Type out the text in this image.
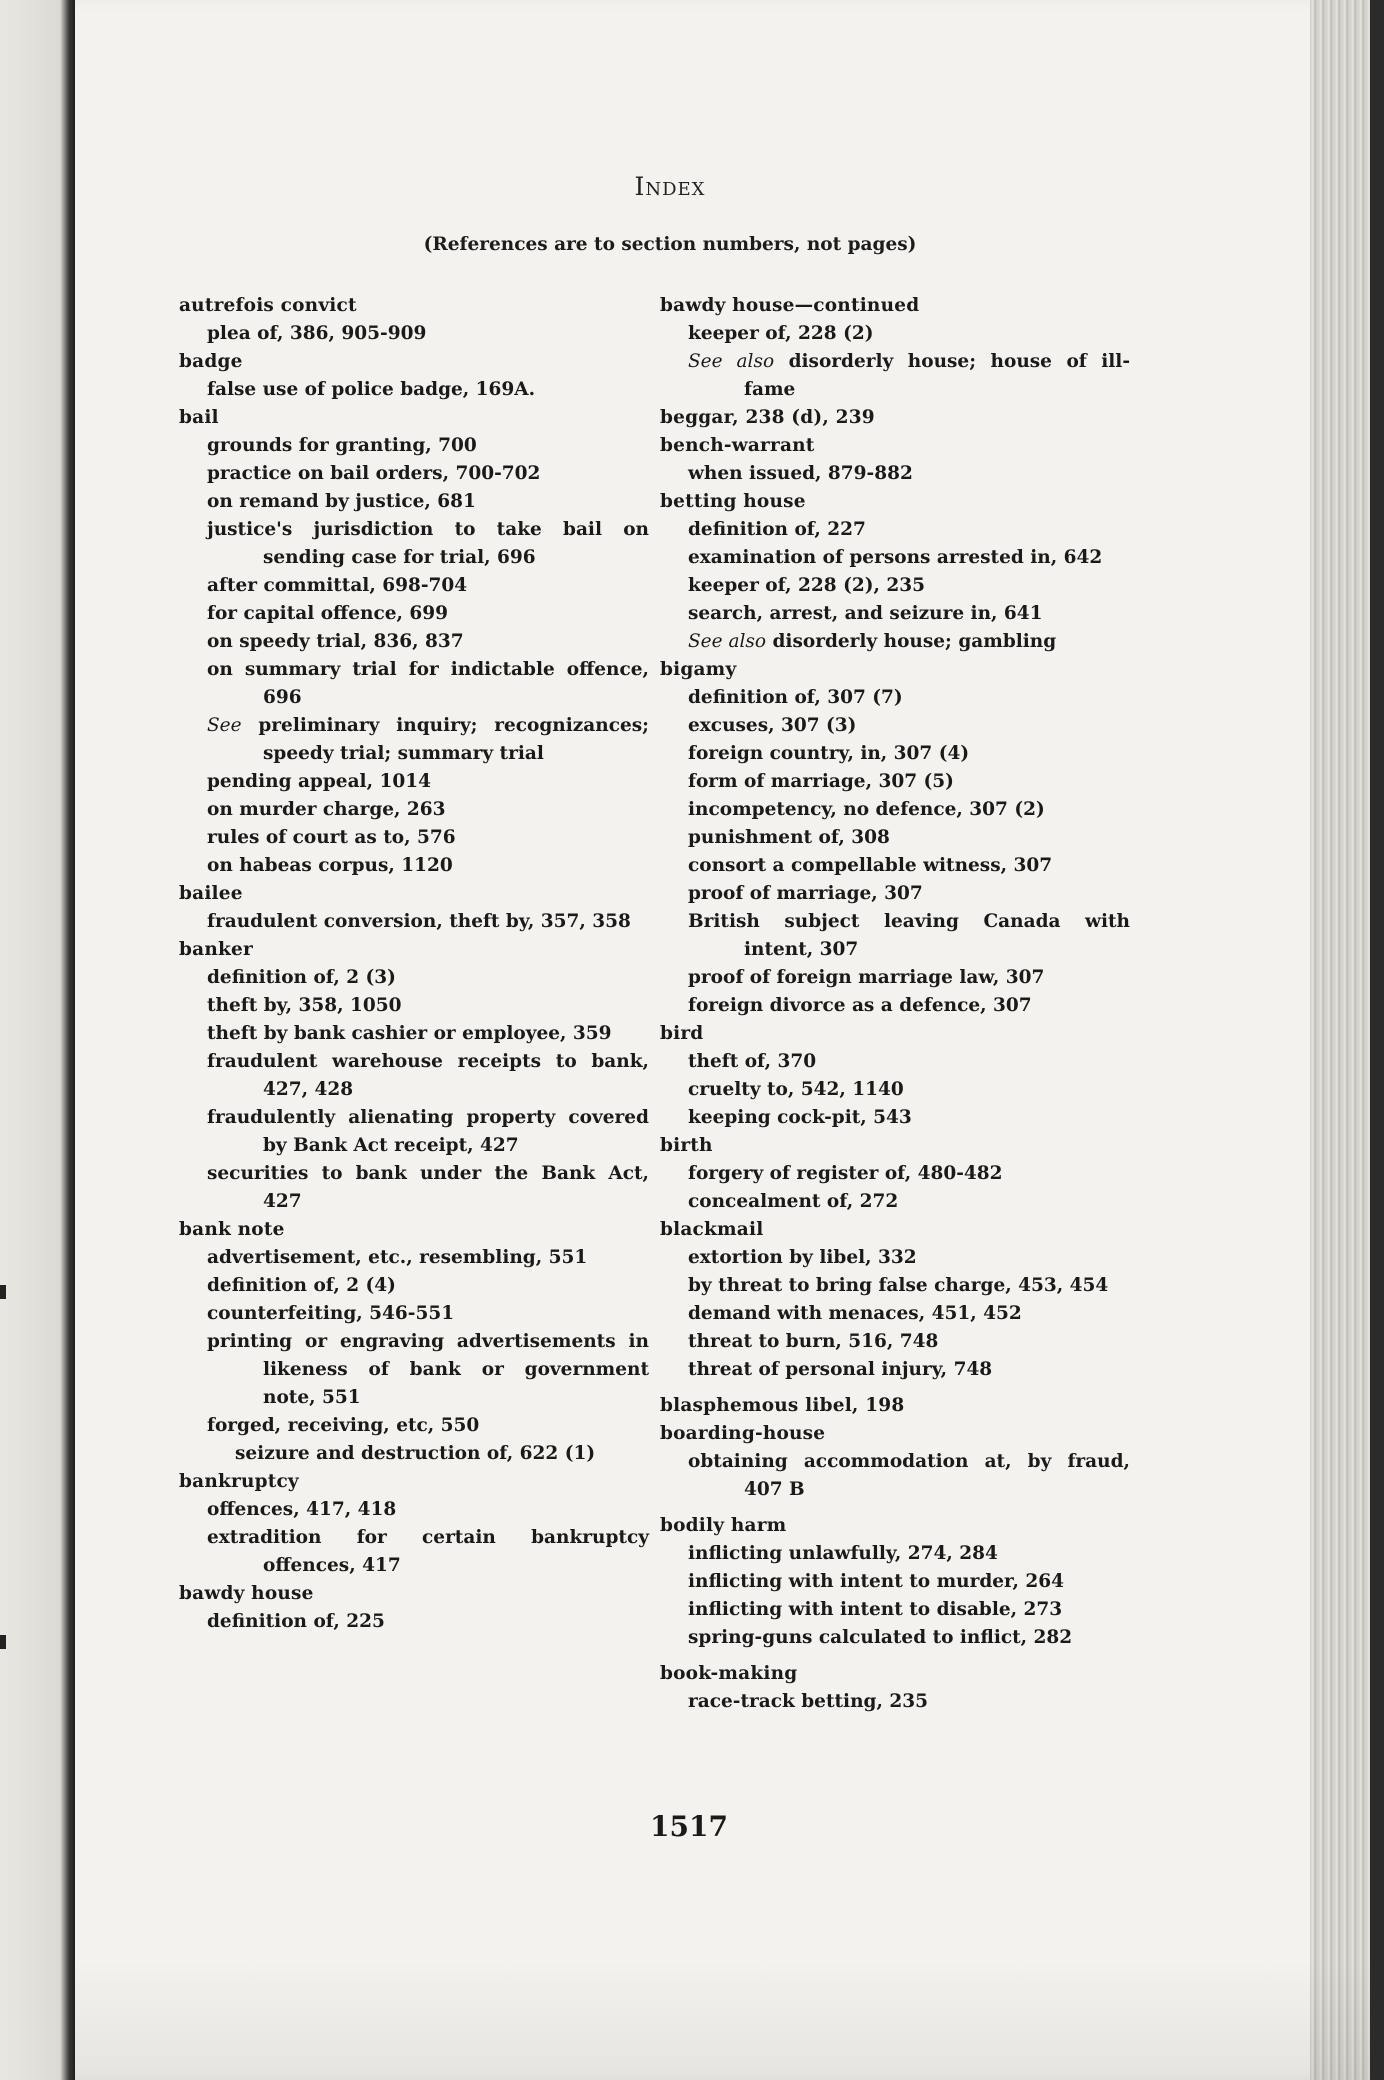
Index
(References are to section numbers, not pages)
autrefois convict
plea of, 386, 905-909
badge
false use of police badge, 169A.
bail
grounds for granting, 700
practice on bail orders, 700-702
on remand by justice, 681
justice's jurisdiction to take bail on sending case for trial, 696
after committal, 698-704
for capital offence, 699
on speedy trial, 836, 837
on summary trial for indictable offence, 696
See preliminary inquiry; recognizances; speedy trial; summary trial
pending appeal, 1014
on murder charge, 263
rules of court as to, 576
on habeas corpus, 1120
bailee
fraudulent conversion, theft by, 357, 358
banker
definition of, 2 (3)
theft by, 358, 1050
theft by bank cashier or employee, 359
fraudulent warehouse receipts to bank, 427, 428
fraudulently alienating property covered by Bank Act receipt, 427
securities to bank under the Bank Act, 427
bank note
advertisement, etc., resembling, 551
definition of, 2 (4)
counterfeiting, 546-551
printing or engraving advertisements in likeness of bank or government note, 551
forged, receiving, etc, 550
seizure and destruction of, 622 (1)
bankruptcy
offences, 417, 418
extradition for certain bankruptcy offences, 417
bawdy house
definition of, 225
bawdy house—continued
keeper of, 228 (2)
See also disorderly house; house of ill-fame
beggar, 238 (d), 239
bench-warrant
when issued, 879-882
betting house
definition of, 227
examination of persons arrested in, 642
keeper of, 228 (2), 235
search, arrest, and seizure in, 641
See also disorderly house; gambling
bigamy
definition of, 307 (7)
excuses, 307 (3)
foreign country, in, 307 (4)
form of marriage, 307 (5)
incompetency, no defence, 307 (2)
punishment of, 308
consort a compellable witness, 307
proof of marriage, 307
British subject leaving Canada with intent, 307
proof of foreign marriage law, 307
foreign divorce as a defence, 307
bird
theft of, 370
cruelty to, 542, 1140
keeping cock-pit, 543
birth
forgery of register of, 480-482
concealment of, 272
blackmail
extortion by libel, 332
by threat to bring false charge, 453, 454
demand with menaces, 451, 452
threat to burn, 516, 748
threat of personal injury, 748
blasphemous libel, 198
boarding-house
obtaining accommodation at, by fraud, 407 B
bodily harm
inflicting unlawfully, 274, 284
inflicting with intent to murder, 264
inflicting with intent to disable, 273
spring-guns calculated to inflict, 282
book-making
race-track betting, 235
1517
